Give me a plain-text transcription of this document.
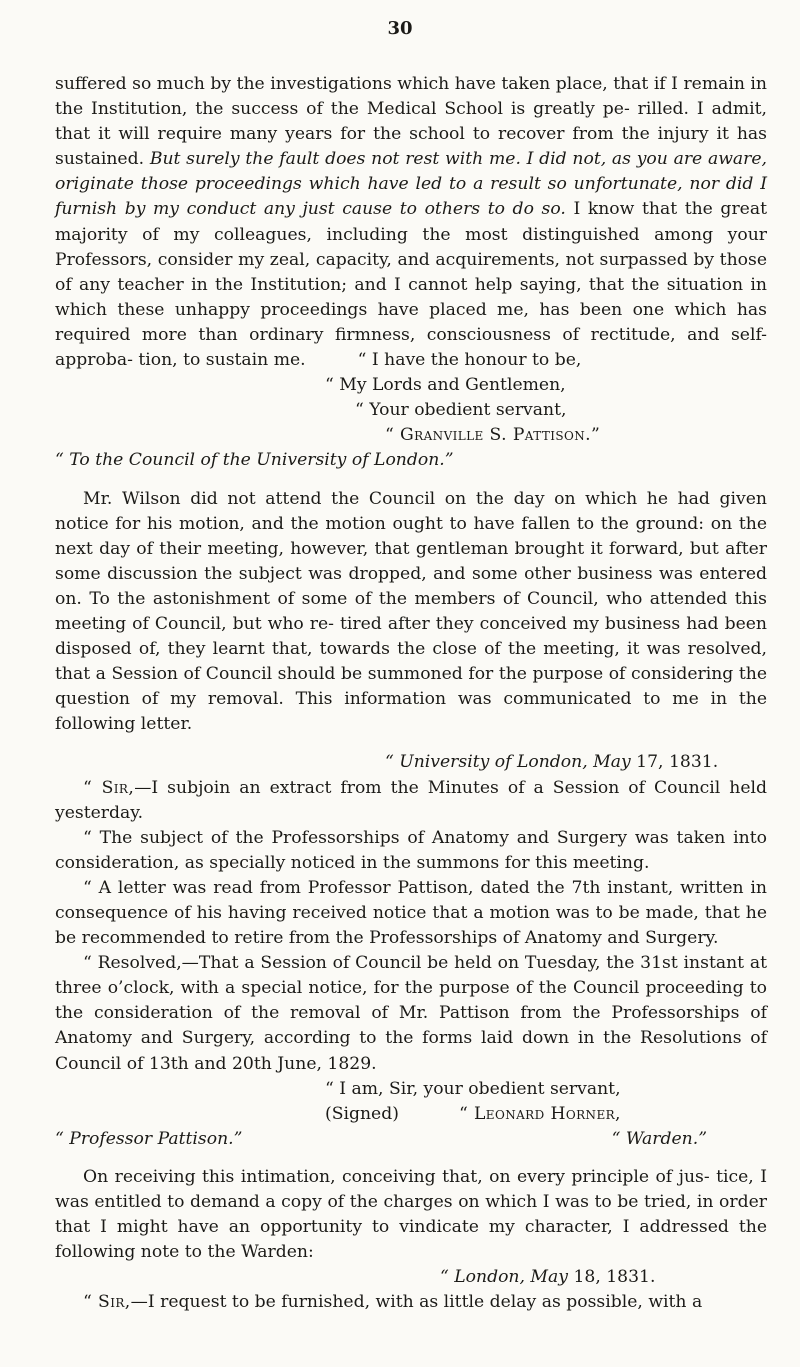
30

suffered so much by the investigations which have taken place, that if I remain in the Institution, the success of the Medical School is greatly pe- rilled. I admit, that it will require many years for the school to recover from the injury it has sustained. But surely the fault does not rest with me. I did not, as you are aware, originate those proceedings which have led to a result so unfortunate, nor did I furnish by my conduct any just cause to others to do so. I know that the great majority of my colleagues, including the most distinguished among your Professors, consider my zeal, capacity, and acquirements, not surpassed by those of any teacher in the Institution; and I cannot help saying, that the situation in which these unhappy proceedings have placed me, has been one which has required more than ordinary firmness, consciousness of rectitude, and self-approba- tion, to sustain me.	“ I have the honour to be,

“ My Lords and Gentlemen,
“ Your obedient servant,
“ Granville S. Pattison.”
“ To the Council of the University of London.”

Mr. Wilson did not attend the Council on the day on which he had given notice for his motion, and the motion ought to have fallen to the ground: on the next day of their meeting, however, that gentleman brought it forward, but after some discussion the subject was dropped, and some other business was entered on. To the astonishment of some of the members of Council, who attended this meeting of Council, but who re- tired after they conceived my business had been disposed of, they learnt that, towards the close of the meeting, it was resolved, that a Session of Council should be summoned for the purpose of considering the question of my removal. This information was communicated to me in the following letter.

“ University of London, May 17, 1831.

“ Sir,—I subjoin an extract from the Minutes of a Session of Council held yesterday.

“ The subject of the Professorships of Anatomy and Surgery was taken into consideration, as specially noticed in the summons for this meeting.

“ A letter was read from Professor Pattison, dated the 7th instant, written in consequence of his having received notice that a motion was to be made, that he be recommended to retire from the Professorships of Anatomy and Surgery.

“ Resolved,—That a Session of Council be held on Tuesday, the 31st instant at three o’clock, with a special notice, for the purpose of the Council proceeding to the consideration of the removal of Mr. Pattison from the Professorships of Anatomy and Surgery, according to the forms laid down in the Resolutions of Council of 13th and 20th June, 1829.

“ I am, Sir, your obedient servant,
(Signed)	“ Leonard Horner,
“ Professor Pattison.”	“ Warden.”

On receiving this intimation, conceiving that, on every principle of jus- tice, I was entitled to demand a copy of the charges on which I was to be tried, in order that I might have an opportunity to vindicate my character, I addressed the following note to the Warden:

“ London, May 18, 1831.

“ Sir,—I request to be furnished, with as little delay as possible, with a
